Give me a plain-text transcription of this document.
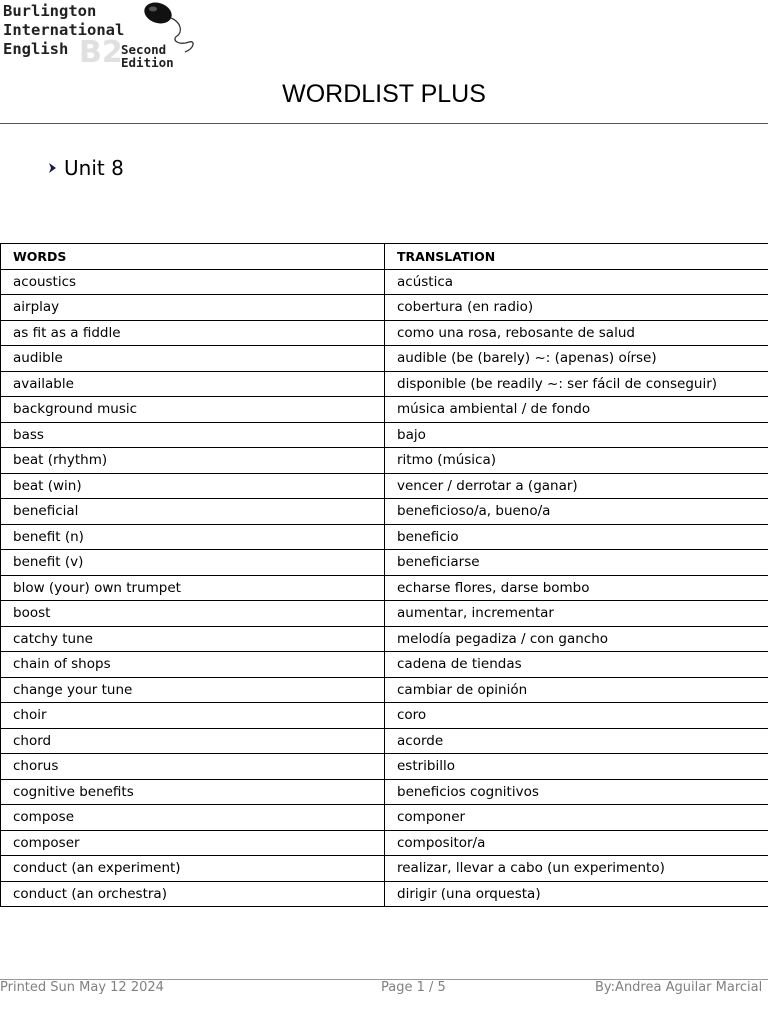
Burlington
International
English B2
Second
Edition
WORDLIST PLUS
Unit 8
WORDS	TRANSLATION
acoustics	acústica
airplay	cobertura (en radio)
as fit as a fiddle	como una rosa, rebosante de salud
audible	audible (be (barely) ~: (apenas) oírse)
available	disponible (be readily ~: ser fácil de conseguir)
background music	música ambiental / de fondo
bass	bajo
beat (rhythm)	ritmo (música)
beat (win)	vencer / derrotar a (ganar)
beneficial	beneficioso/a, bueno/a
benefit (n)	beneficio
benefit (v)	beneficiarse
blow (your) own trumpet	echarse flores, darse bombo
boost	aumentar, incrementar
catchy tune	melodía pegadiza / con gancho
chain of shops	cadena de tiendas
change your tune	cambiar de opinión
choir	coro
chord	acorde
chorus	estribillo
cognitive benefits	beneficios cognitivos
compose	componer
composer	compositor/a
conduct (an experiment)	realizar, llevar a cabo (un experimento)
conduct (an orchestra)	dirigir (una orquesta)
Printed Sun May 12 2024	Page 1 / 5	By:Andrea Aguilar Marcial
